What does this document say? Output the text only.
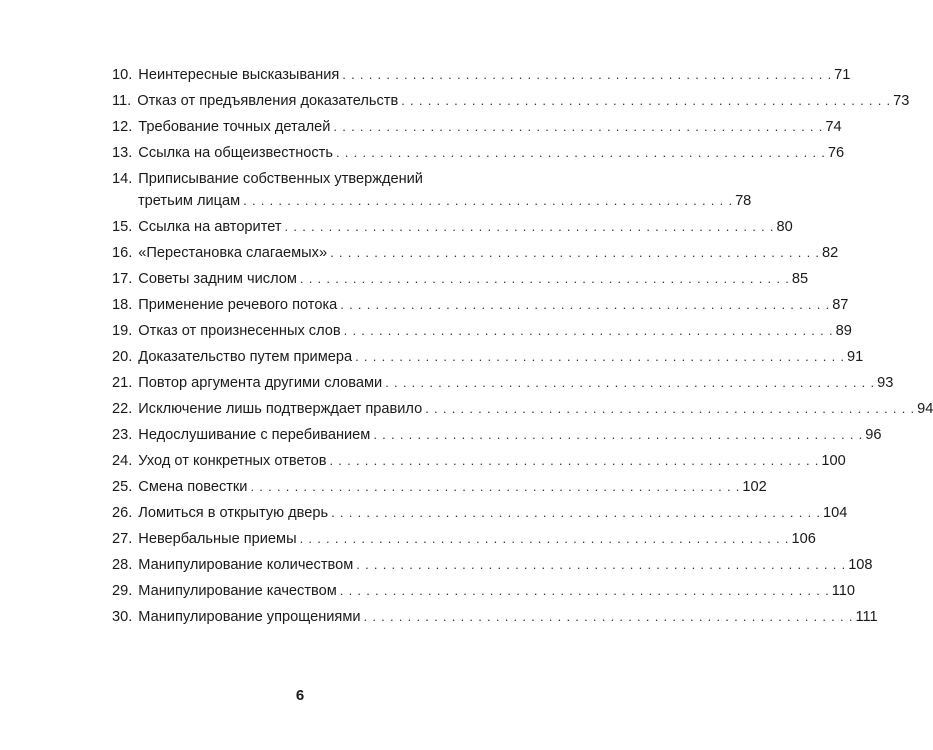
10. Неинтересные высказывания . . .	71
11. Отказ от предъявления доказательств . . .	73
12. Требование точных деталей . . .	74
13. Ссылка на общеизвестность . . .	76
14. Приписывание собственных утверждений
третьим лицам . . .	78
15. Ссылка на авторитет . . .	80
16. «Перестановка слагаемых» . . .	82
17. Советы задним числом . . .	85
18. Применение речевого потока . . .	87
19. Отказ от произнесенных слов . . .	89
20. Доказательство путем примера . . .	91
21. Повтор аргумента другими словами . . .	93
22. Исключение лишь подтверждает правило . . .	94
23. Недослушивание с перебиванием . . .	96
24. Уход от конкретных ответов . . .	100
25. Смена повестки . . .	102
26. Ломиться в открытую дверь . . .	104
27. Невербальные приемы . . .	106
28. Манипулирование количеством . . .	108
29. Манипулирование качеством . . .	110
30. Манипулирование упрощениями . . .	111
6
